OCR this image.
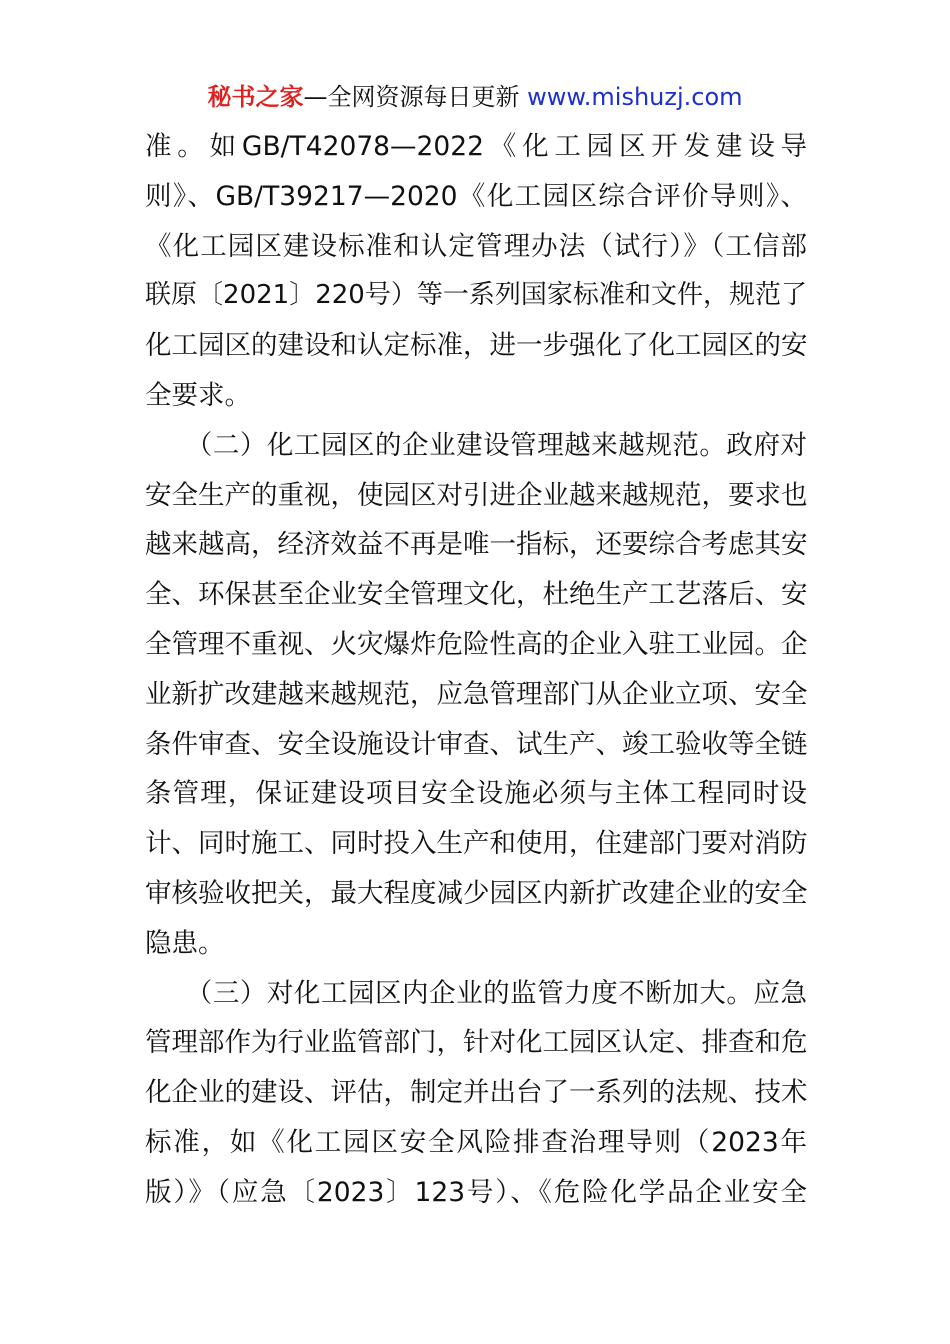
秘书之家—全网资源每日更新 www.mishuzj.com
准。如GB/T42078—2022《化工园区开发建设导
则》、GB/T39217—2020《化工园区综合评价导则》、
《化工园区建设标准和认定管理办法（试行）》（工信部
联原〔2021〕220号）等一系列国家标准和文件，规范了
化工园区的建设和认定标准，进一步强化了化工园区的安
全要求。
　　（二）化工园区的企业建设管理越来越规范。政府对
安全生产的重视，使园区对引进企业越来越规范，要求也
越来越高，经济效益不再是唯一指标，还要综合考虑其安
全、环保甚至企业安全管理文化，杜绝生产工艺落后、安
全管理不重视、火灾爆炸危险性高的企业入驻工业园。企
业新扩改建越来越规范，应急管理部门从企业立项、安全
条件审查、安全设施设计审查、试生产、竣工验收等全链
条管理，保证建设项目安全设施必须与主体工程同时设
计、同时施工、同时投入生产和使用，住建部门要对消防
审核验收把关，最大程度减少园区内新扩改建企业的安全
隐患。
　　（三）对化工园区内企业的监管力度不断加大。应急
管理部作为行业监管部门，针对化工园区认定、排查和危
化企业的建设、评估，制定并出台了一系列的法规、技术
标准，如《化工园区安全风险排查治理导则（2023年
版）》（应急〔2023〕123号）、《危险化学品企业安全
